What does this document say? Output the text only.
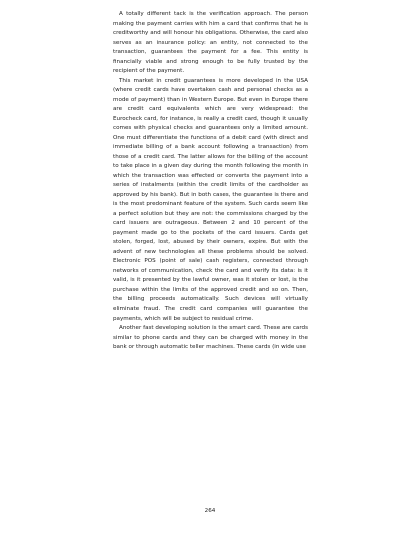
A totally different tack is the verification approach. The person making the payment carries with him a card that confirms that he is creditworthy and will honour his obligations. Otherwise, the card also serves as an insurance policy: an entity, not connected to the transaction, guarantees the payment for a fee. This entity is financially viable and strong enough to be fully trusted by the recipient of the payment.

This market in credit guarantees is more developed in the USA (where credit cards have overtaken cash and personal checks as a mode of payment) than in Western Europe. But even in Europe there are credit card equivalents which are very widespread: the Eurocheck card, for instance, is really a credit card, though it usually comes with physical checks and guarantees only a limited amount. One must differentiate the functions of a debit card (with direct and immediate billing of a bank account following a transaction) from those of a credit card. The latter allows for the billing of the account to take place in a given day during the month following the month in which the transaction was effected or converts the payment into a series of instalments (within the credit limits of the cardholder as approved by his bank). But in both cases, the guarantee is there and is the most predominant feature of the system. Such cards seem like a perfect solution but they are not: the commissions charged by the card issuers are outrageous. Between 2 and 10 percent of the payment made go to the pockets of the card issuers. Cards get stolen, forged, lost, abused by their owners, expire. But with the advent of new technologies all these problems should be solved. Electronic POS (point of sale) cash registers, connected through networks of communication, check the card and verify its data: is it valid, is it presented by the lawful owner, was it stolen or lost, is the purchase within the limits of the approved credit and so on. Then, the billing proceeds automatically. Such devices will virtually eliminate fraud. The credit card companies will guarantee the payments, which will be subject to residual crime.

Another fast developing solution is the smart card. These are cards similar to phone cards and they can be charged with money in the bank or through automatic teller machines. These cards (in wide use

264
